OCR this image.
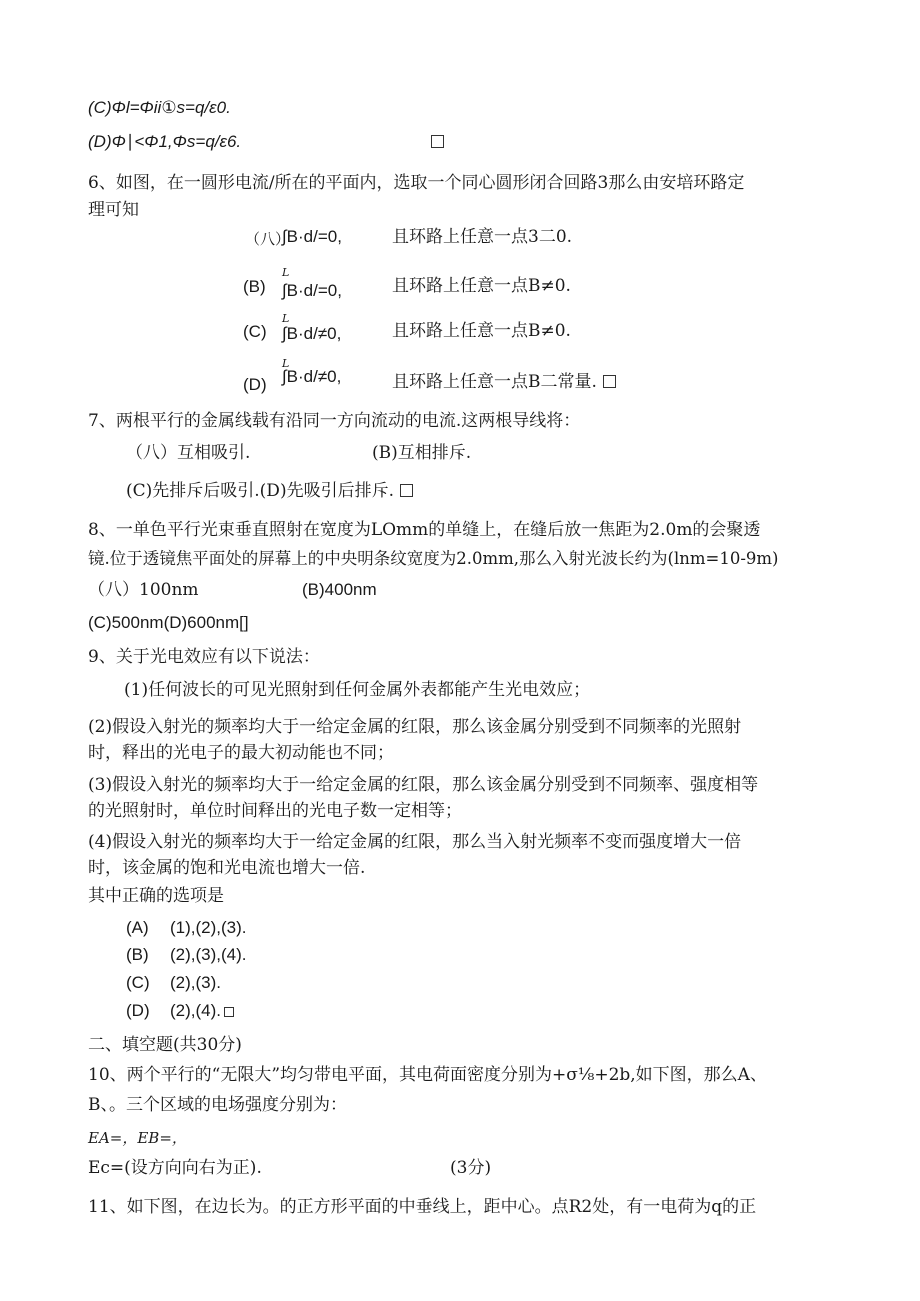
(C)Φl=Φii①s=q/ε0.
(D)Φ∣<Φ1,Φs=q/ε6.
6、如图，在一圆形电流/所在的平面内，选取一个同心圆形闭合回路3那么由安培环路定
理可知
（八）
∫B·d/=0,	且环路上任意一点3二0.
L
(B) ∫B·d/=0,	且环路上任意一点B≠0.
L
(C) ∫B·d/≠0,	且环路上任意一点B≠0.
L
(D) ∫B·d/≠0,	且环路上任意一点B二常量.
7、两根平行的金属线载有沿同一方向流动的电流.这两根导线将：
（八）互相吸引.	(B)互相排斥.
(C)先排斥后吸引.(D)先吸引后排斥.
8、一单色平行光束垂直照射在宽度为LOmm的单缝上，在缝后放一焦距为2.0m的会聚透
镜.位于透镜焦平面处的屏幕上的中央明条纹宽度为2.0mm,那么入射光波长约为(lnm=10-9m)
（八）100nm	(B)400nm
(C)500nm(D)600nm[]
9、关于光电效应有以下说法：
(1)任何波长的可见光照射到任何金属外表都能产生光电效应；
(2)假设入射光的频率均大于一给定金属的红限，那么该金属分别受到不同频率的光照射
时，释出的光电子的最大初动能也不同；
(3)假设入射光的频率均大于一给定金属的红限，那么该金属分别受到不同频率、强度相等
的光照射时，单位时间释出的光电子数一定相等；
(4)假设入射光的频率均大于一给定金属的红限，那么当入射光频率不变而强度增大一倍
时，该金属的饱和光电流也增大一倍.
其中正确的选项是
(A) (1),(2),(3).
(B) (2),(3),(4).
(C) (2),(3).
(D) (2),(4).
二、填空题(共30分)
10、两个平行的“无限大”均匀带电平面，其电荷面密度分别为+σ⅛+2b,如下图，那么A、
B、。三个区域的电场强度分别为：
EA=，EB=，
Ec=(设方向向右为正).	(3分)
11、如下图，在边长为。的正方形平面的中垂线上，距中心。点R2处，有一电荷为q的正
